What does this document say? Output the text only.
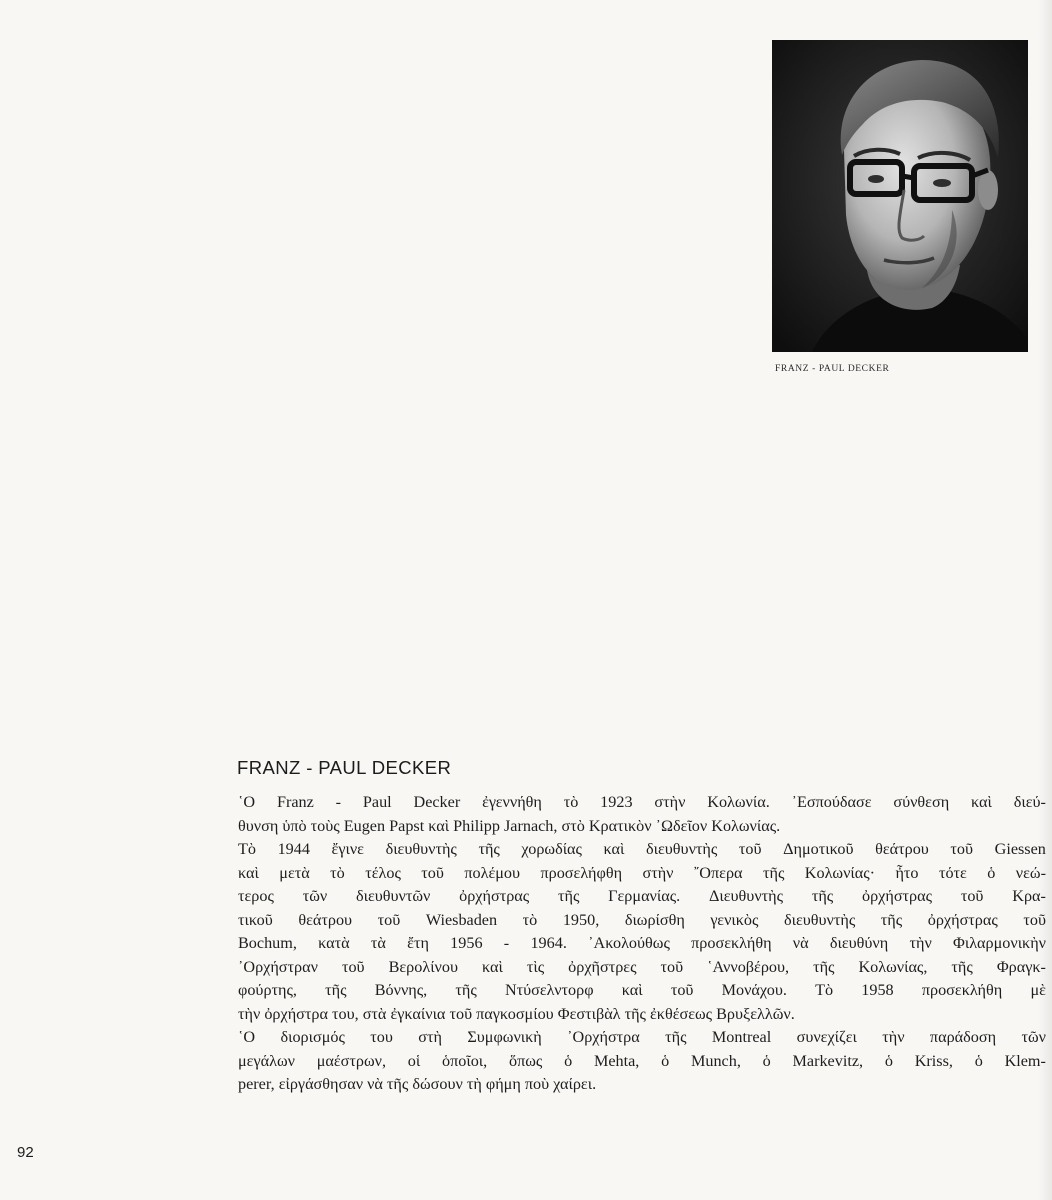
FRANZ - PAUL DECKER
FRANZ - PAUL DECKER
῾Ο Franz - Paul Decker ἐγεννήθη τὸ 1923 στὴν Κολωνία. ᾿Εσπούδασε σύνθεση καὶ διεύ-
θυνση ὑπὸ τοὺς Eugen Papst καὶ Philipp Jarnach, στὸ Κρατικὸν ᾿Ωδεῖον Κολωνίας.
Τὸ 1944 ἔγινε διευθυντὴς τῆς χορωδίας καὶ διευθυντὴς τοῦ Δημοτικοῦ θεάτρου τοῦ Giessen
καὶ μετὰ τὸ τέλος τοῦ πολέμου προσελήφθη στὴν ῎Οπερα τῆς Κολωνίας· ἦτο τότε ὁ νεώ-
τερος τῶν διευθυντῶν ὀρχήστρας τῆς Γερμανίας. Διευθυντὴς τῆς ὀρχήστρας τοῦ Κρα-
τικοῦ θεάτρου τοῦ Wiesbaden τὸ 1950, διωρίσθη γενικὸς διευθυντὴς τῆς ὀρχήστρας τοῦ
Bochum, κατὰ τὰ ἔτη 1956 - 1964. ᾿Ακολούθως προσεκλήθη νὰ διευθύνη τὴν Φιλαρμονικὴν
᾿Ορχήστραν τοῦ Βερολίνου καὶ τὶς ὀρχῆστρες τοῦ ῾Αννοβέρου, τῆς Κολωνίας, τῆς Φραγκ-
φούρτης, τῆς Βόννης, τῆς Ντύσελντορφ καὶ τοῦ Μονάχου. Τὸ 1958 προσεκλήθη μὲ
τὴν ὀρχήστρα του, στὰ ἐγκαίνια τοῦ παγκοσμίου Φεστιβὰλ τῆς ἐκθέσεως Βρυξελλῶν.
῾Ο διορισμός του στὴ Συμφωνικὴ ᾿Ορχήστρα τῆς Montreal συνεχίζει τὴν παράδοση τῶν
μεγάλων μαέστρων, οἱ ὁποῖοι, ὅπως ὁ Mehta, ὁ Munch, ὁ Markevitz, ὁ Kriss, ὁ Klem-
perer, εἰργάσθησαν νὰ τῆς δώσουν τὴ φήμη ποὺ χαίρει.
92
